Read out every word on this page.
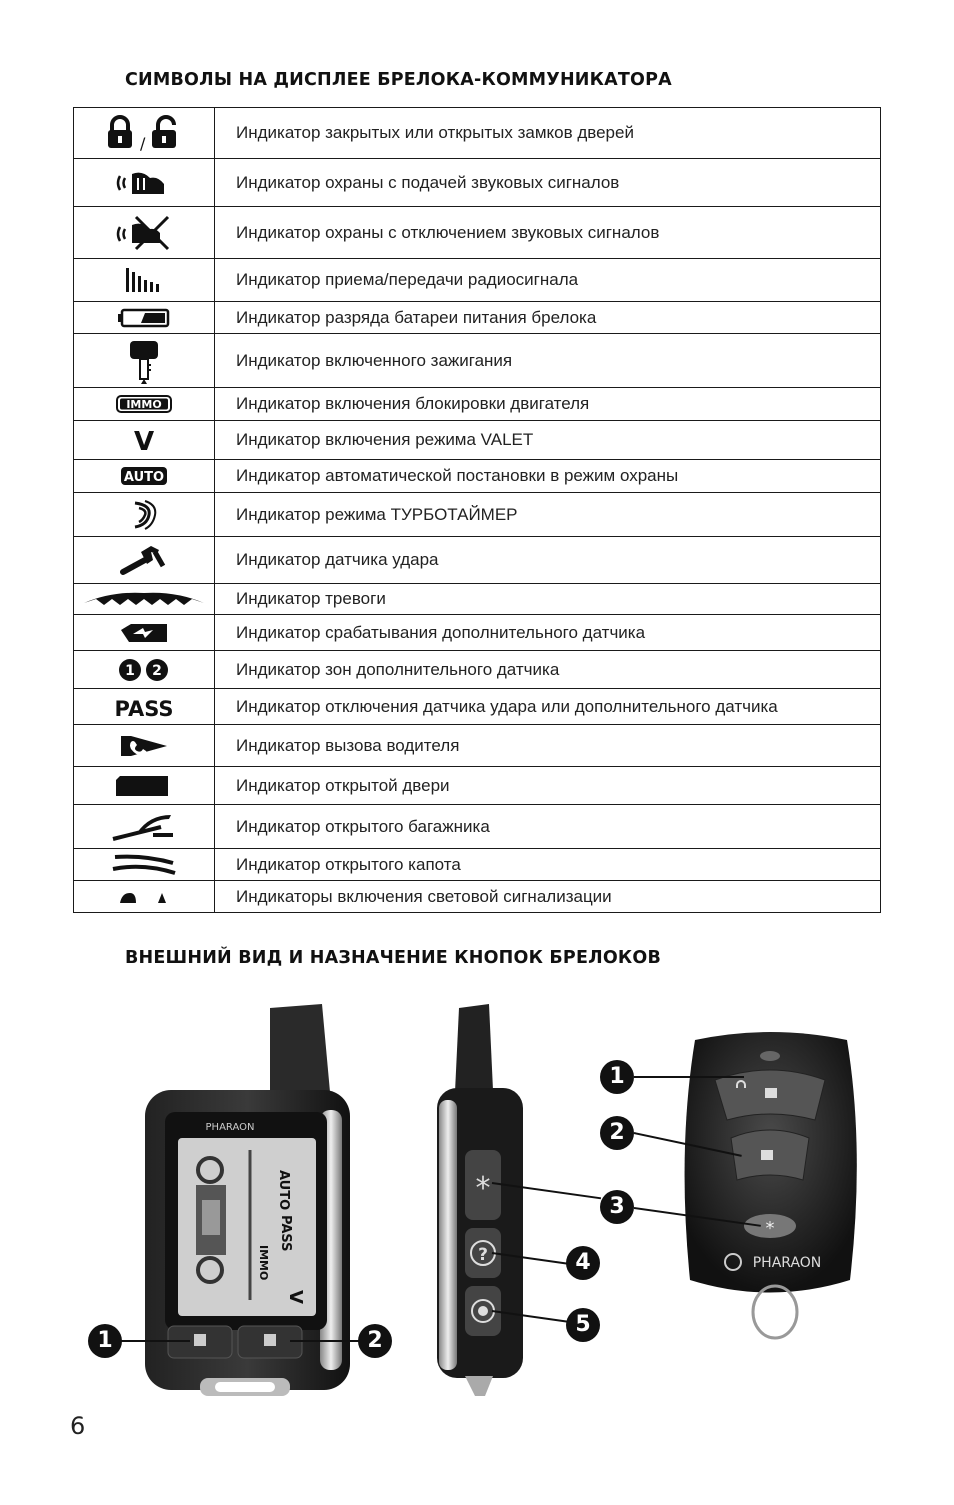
СИМВОЛЫ НА ДИСПЛЕЕ БРЕЛОКА-КОММУНИКАТОРА
/	Индикатор закрытых или открытых замков дверей

	Индикатор охраны с подачей звуковых сигналов

	Индикатор охраны с отключением звуковых сигналов

	Индикатор приема/передачи радиосигнала

	Индикатор разряда батареи питания брелока

	Индикатор включенного зажигания

IMMO	Индикатор включения блокировки двигателя

V	Индикатор включения режима VALET

AUTO	Индикатор автоматической постановки в режим охраны

	Индикатор режима ТУРБОТАЙМЕР

	Индикатор датчика удара

	Индикатор тревоги

	Индикатор срабатывания дополнительного датчика

1 2	Индикатор зон дополнительного датчика

PASS	Индикатор отключения датчика удара или дополнительного датчика

	Индикатор вызова водителя

	Индикатор открытой двери

	Индикатор открытого багажника

	Индикатор открытого капота

	Индикаторы включения световой сигнализации
ВНЕШНИЙ ВИД И НАЗНАЧЕНИЕ КНОПОК БРЕЛОКОВ
PHARAON
AUTO
PASS
IMMO
V
1	2
*
?
3
4
5
*
PHARAON
1
2
6
